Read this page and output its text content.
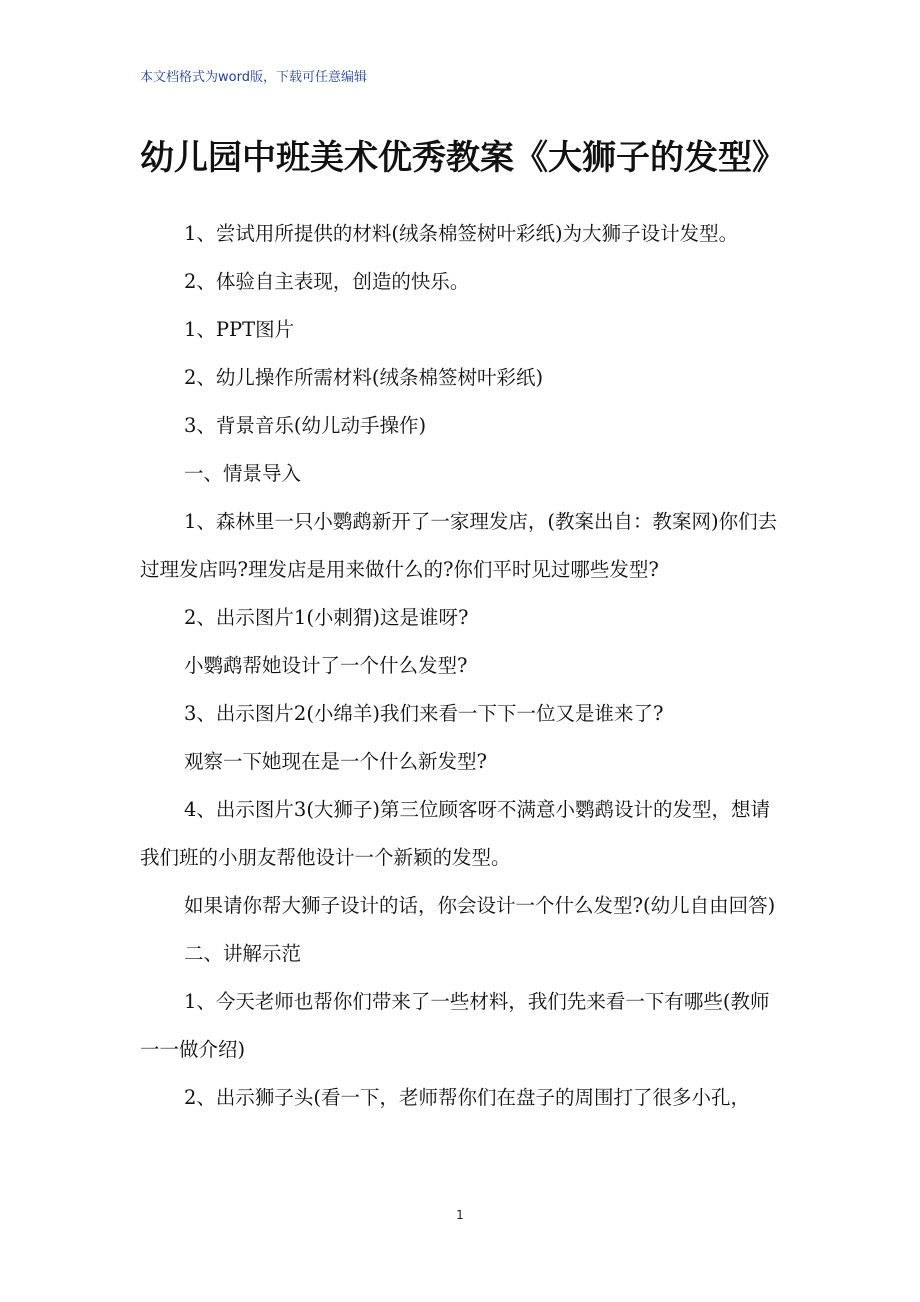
本文档格式为word版，下载可任意编辑
幼儿园中班美术优秀教案《大狮子的发型》

1、尝试用所提供的材料(绒条棉签树叶彩纸)为大狮子设计发型。

2、体验自主表现，创造的快乐。

1、PPT图片

2、幼儿操作所需材料(绒条棉签树叶彩纸)

3、背景音乐(幼儿动手操作)

一、情景导入

1、森林里一只小鹦鹉新开了一家理发店，(教案出自：教案网)你们去过理发店吗?理发店是用来做什么的?你们平时见过哪些发型?

2、出示图片1(小刺猬)这是谁呀?

小鹦鹉帮她设计了一个什么发型?

3、出示图片2(小绵羊)我们来看一下下一位又是谁来了?

观察一下她现在是一个什么新发型?

4、出示图片3(大狮子)第三位顾客呀不满意小鹦鹉设计的发型，想请我们班的小朋友帮他设计一个新颖的发型。

如果请你帮大狮子设计的话，你会设计一个什么发型?(幼儿自由回答)

二、讲解示范

1、今天老师也帮你们带来了一些材料，我们先来看一下有哪些(教师一一做介绍)

2、出示狮子头(看一下，老师帮你们在盘子的周围打了很多小孔，

1
